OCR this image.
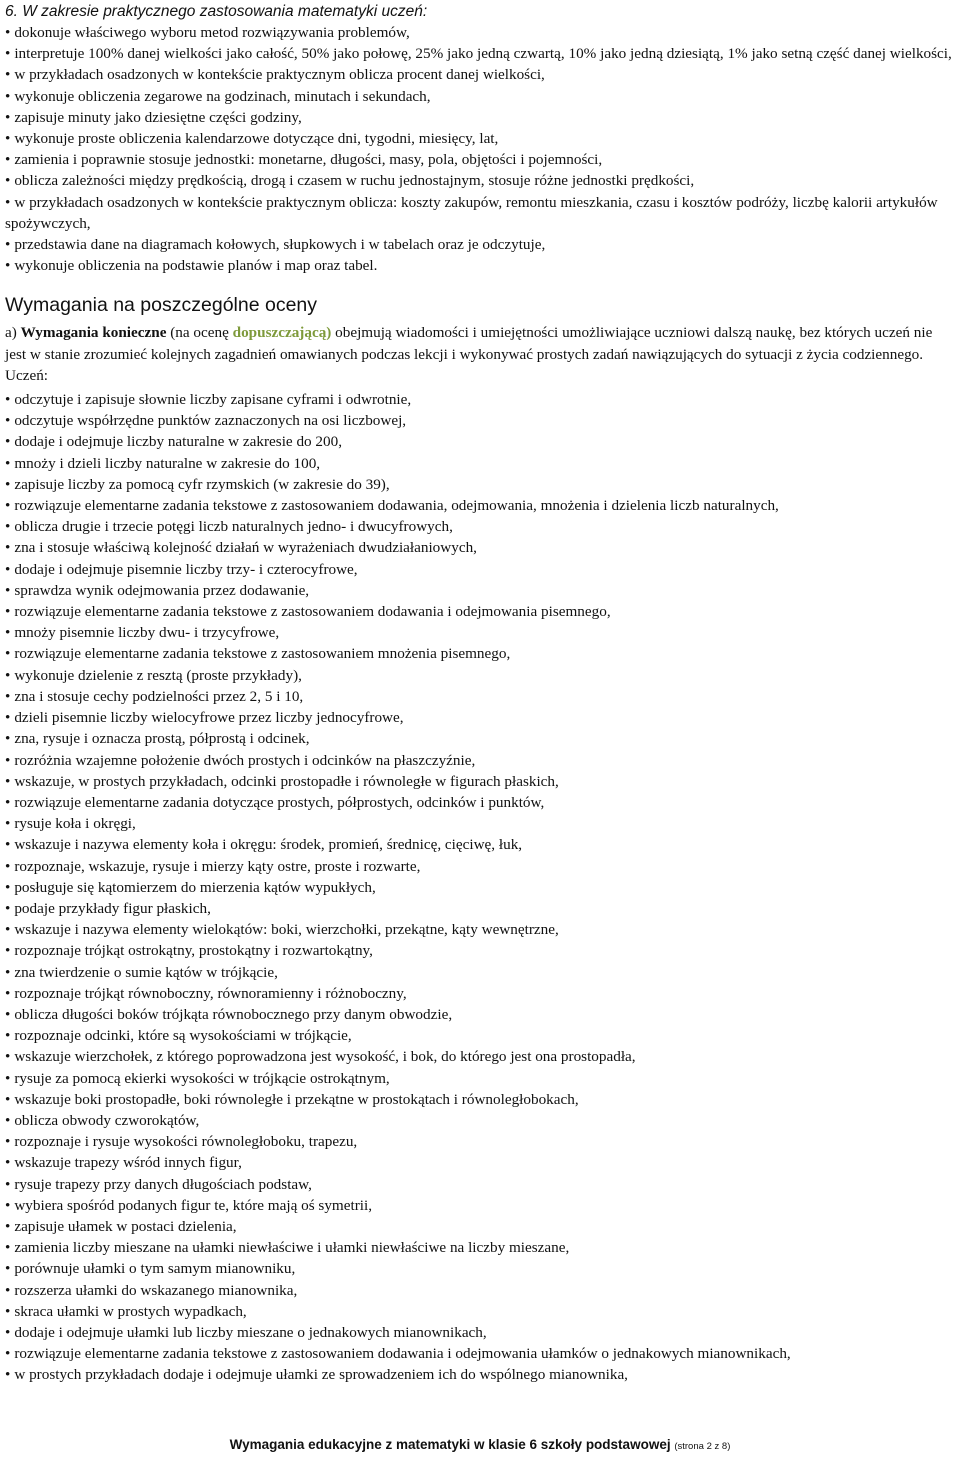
6. W zakresie praktycznego zastosowania matematyki uczeń:

• dokonuje właściwego wyboru metod rozwiązywania problemów,
• interpretuje 100% danej wielkości jako całość, 50% jako połowę, 25% jako jedną czwartą, 10% jako jedną dziesiątą, 1% jako setną część danej wielkości,
• w przykładach osadzonych w kontekście praktycznym oblicza procent danej wielkości,
• wykonuje obliczenia zegarowe na godzinach, minutach i sekundach,
• zapisuje minuty jako dziesiętne części godziny,
• wykonuje proste obliczenia kalendarzowe dotyczące dni, tygodni, miesięcy, lat,
• zamienia i poprawnie stosuje jednostki: monetarne, długości, masy, pola, objętości i pojemności,
• oblicza zależności między prędkością, drogą i czasem w ruchu jednostajnym, stosuje różne jednostki prędkości,
• w przykładach osadzonych w kontekście praktycznym oblicza: koszty zakupów, remontu mieszkania, czasu i kosztów podróży, liczbę kalorii artykułów spożywczych,
• przedstawia dane na diagramach kołowych, słupkowych i w tabelach oraz je odczytuje,
• wykonuje obliczenia na podstawie planów i map oraz tabel.
Wymagania na poszczególne oceny

a) Wymagania konieczne (na ocenę dopuszczającą) obejmują wiadomości i umiejętności umożliwiające uczniowi dalszą naukę, bez których uczeń nie jest w stanie zrozumieć kolejnych zagadnień omawianych podczas lekcji i wykonywać prostych zadań nawiązujących do sytuacji z życia codziennego.

Uczeń:

• odczytuje i zapisuje słownie liczby zapisane cyframi i odwrotnie,
• odczytuje współrzędne punktów zaznaczonych na osi liczbowej,
• dodaje i odejmuje liczby naturalne w zakresie do 200,
• mnoży i dzieli liczby naturalne w zakresie do 100,
• zapisuje liczby za pomocą cyfr rzymskich (w zakresie do 39),
• rozwiązuje elementarne zadania tekstowe z zastosowaniem dodawania, odejmowania, mnożenia i dzielenia liczb naturalnych,
• oblicza drugie i trzecie potęgi liczb naturalnych jedno- i dwucyfrowych,
• zna i stosuje właściwą kolejność działań w wyrażeniach dwudziałaniowych,
• dodaje i odejmuje pisemnie liczby trzy- i czterocyfrowe,
• sprawdza wynik odejmowania przez dodawanie,
• rozwiązuje elementarne zadania tekstowe z zastosowaniem dodawania i odejmowania pisemnego,
• mnoży pisemnie liczby dwu- i trzycyfrowe,
• rozwiązuje elementarne zadania tekstowe z zastosowaniem mnożenia pisemnego,
• wykonuje dzielenie z resztą (proste przykłady),
• zna i stosuje cechy podzielności przez 2, 5 i 10,
• dzieli pisemnie liczby wielocyfrowe przez liczby jednocyfrowe,
• zna, rysuje i oznacza prostą, półprostą i odcinek,
• rozróżnia wzajemne położenie dwóch prostych i odcinków na płaszczyźnie,
• wskazuje, w prostych przykładach, odcinki prostopadłe i równoległe w figurach płaskich,
• rozwiązuje elementarne zadania dotyczące prostych, półprostych, odcinków i punktów,
• rysuje koła i okręgi,
• wskazuje i nazywa elementy koła i okręgu: środek, promień, średnicę, cięciwę, łuk,
• rozpoznaje, wskazuje, rysuje i mierzy kąty ostre, proste i rozwarte,
• posługuje się kątomierzem do mierzenia kątów wypukłych,
• podaje przykłady figur płaskich,
• wskazuje i nazywa elementy wielokątów: boki, wierzchołki, przekątne, kąty wewnętrzne,
• rozpoznaje trójkąt ostrokątny, prostokątny i rozwartokątny,
• zna twierdzenie o sumie kątów w trójkącie,
• rozpoznaje trójkąt równoboczny, równoramienny i różnoboczny,
• oblicza długości boków trójkąta równobocznego przy danym obwodzie,
• rozpoznaje odcinki, które są wysokościami w trójkącie,
• wskazuje wierzchołek, z którego poprowadzona jest wysokość, i bok, do którego jest ona prostopadła,
• rysuje za pomocą ekierki wysokości w trójkącie ostrokątnym,
• wskazuje boki prostopadłe, boki równoległe i przekątne w prostokątach i równoległobokach,
• oblicza obwody czworokątów,
• rozpoznaje i rysuje wysokości równoległoboku, trapezu,
• wskazuje trapezy wśród innych figur,
• rysuje trapezy przy danych długościach podstaw,
• wybiera spośród podanych figur te, które mają oś symetrii,
• zapisuje ułamek w postaci dzielenia,
• zamienia liczby mieszane na ułamki niewłaściwe i ułamki niewłaściwe na liczby mieszane,
• porównuje ułamki o tym samym mianowniku,
• rozszerza ułamki do wskazanego mianownika,
• skraca ułamki w prostych wypadkach,
• dodaje i odejmuje ułamki lub liczby mieszane o jednakowych mianownikach,
• rozwiązuje elementarne zadania tekstowe z zastosowaniem dodawania i odejmowania ułamków o jednakowych mianownikach,
• w prostych przykładach dodaje i odejmuje ułamki ze sprowadzeniem ich do wspólnego mianownika,
Wymagania edukacyjne z matematyki w klasie 6 szkoły podstawowej (strona 2 z 8)
